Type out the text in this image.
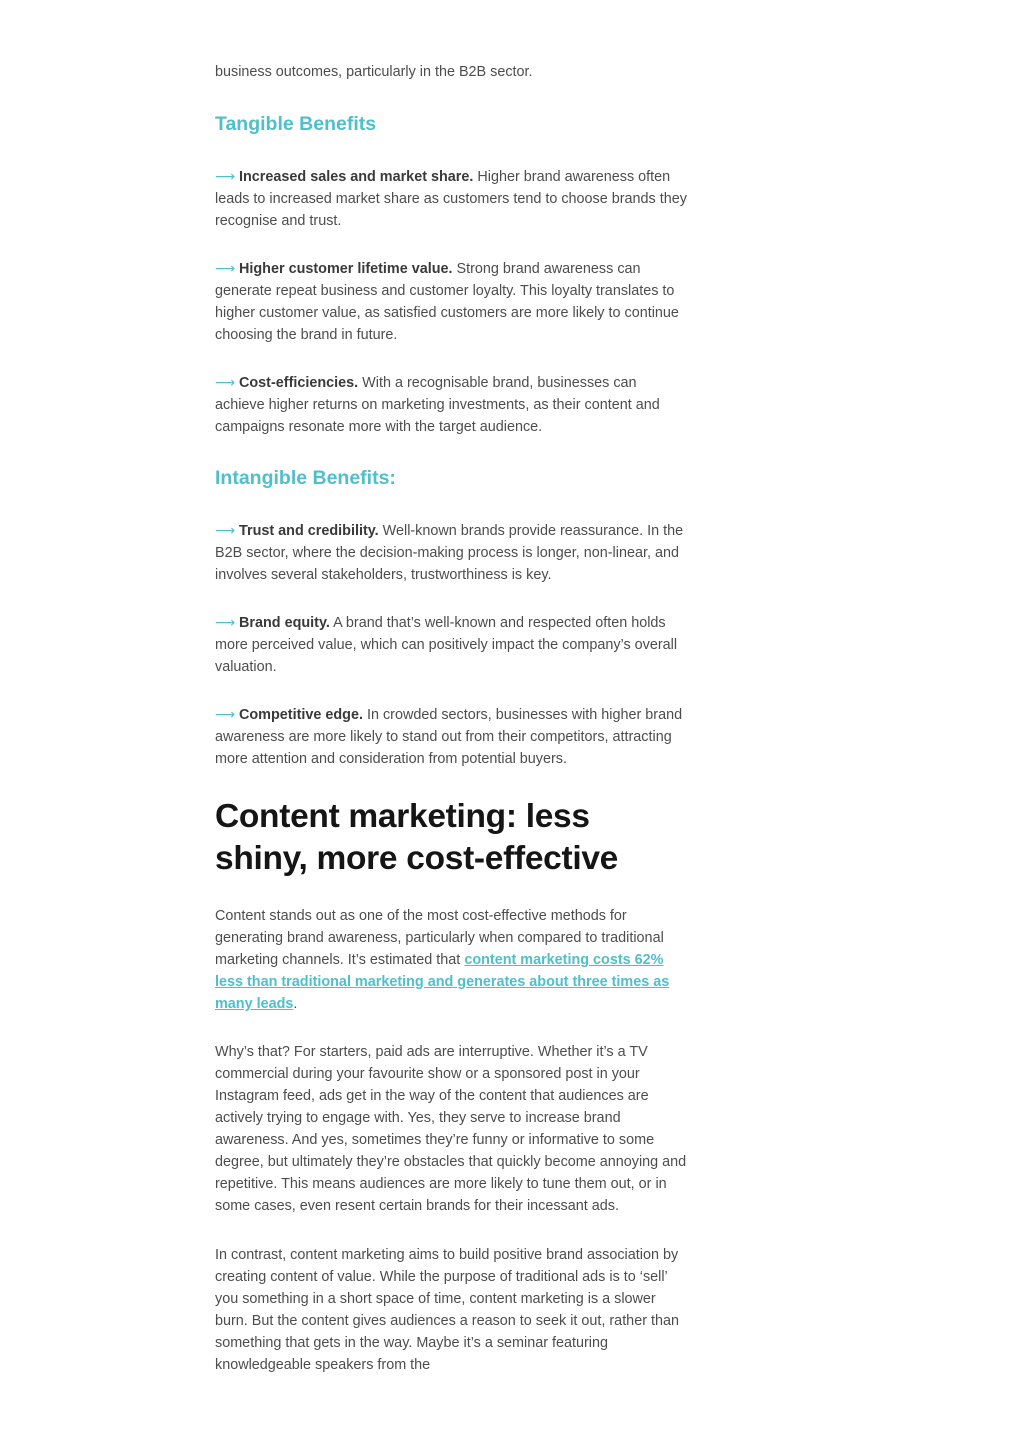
business outcomes, particularly in the B2B sector.

Tangible Benefits
⟶ Increased sales and market share. Higher brand awareness often leads to increased market share as customers tend to choose brands they recognise and trust.
⟶ Higher customer lifetime value. Strong brand awareness can generate repeat business and customer loyalty. This loyalty translates to higher customer value, as satisfied customers are more likely to continue choosing the brand in future.
⟶ Cost-efficiencies. With a recognisable brand, businesses can achieve higher returns on marketing investments, as their content and campaigns resonate more with the target audience.
Intangible Benefits:
⟶ Trust and credibility. Well-known brands provide reassurance. In the B2B sector, where the decision-making process is longer, non-linear, and involves several stakeholders, trustworthiness is key.
⟶ Brand equity. A brand that’s well-known and respected often holds more perceived value, which can positively impact the company’s overall valuation.
⟶ Competitive edge. In crowded sectors, businesses with higher brand awareness are more likely to stand out from their competitors, attracting more attention and consideration from potential buyers.
Content marketing: less shiny, more cost-effective

Content stands out as one of the most cost-effective methods for generating brand awareness, particularly when compared to traditional marketing channels. It’s estimated that content marketing costs 62% less than traditional marketing and generates about three times as many leads.

Why’s that? For starters, paid ads are interruptive. Whether it’s a TV commercial during your favourite show or a sponsored post in your Instagram feed, ads get in the way of the content that audiences are actively trying to engage with. Yes, they serve to increase brand awareness. And yes, sometimes they’re funny or informative to some degree, but ultimately they’re obstacles that quickly become annoying and repetitive. This means audiences are more likely to tune them out, or in some cases, even resent certain brands for their incessant ads.

In contrast, content marketing aims to build positive brand association by creating content of value. While the purpose of traditional ads is to ‘sell’ you something in a short space of time, content marketing is a slower burn. But the content gives audiences a reason to seek it out, rather than something that gets in the way. Maybe it’s a seminar featuring knowledgeable speakers from the
